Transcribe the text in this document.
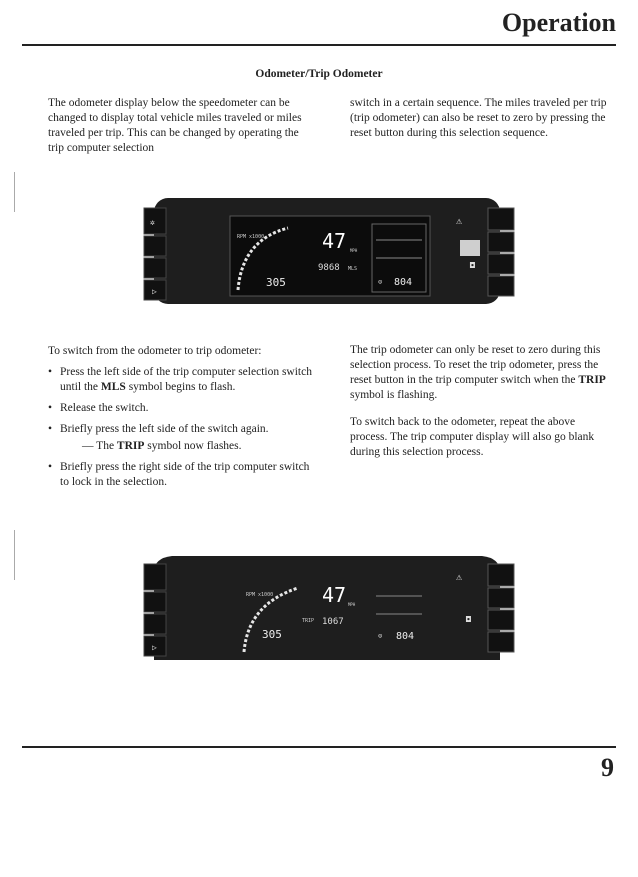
Operation
Odometer/Trip Odometer

The odometer display below the speedometer can be changed to display total vehicle miles traveled or miles traveled per trip. This can be changed by operating the trip computer selection

switch in a certain sequence. The miles traveled per trip (trip odometer) can also be reset to zero by pressing the reset button during this selection sequence.

✲
▷
⚠
◘
RPM x1000
305
47 MPH
9868 MLS
⊙ 804

To switch from the odometer to trip odometer:

• Press the left side of the trip computer selection switch until the MLS symbol begins to flash.
• Release the switch.
• Briefly press the left side of the switch again.
— The TRIP symbol now flashes.
• Briefly press the right side of the trip computer switch to lock in the selection.

The trip odometer can only be reset to zero during this selection process. To reset the trip odometer, press the reset button in the trip computer switch when the TRIP symbol is flashing.

To switch back to the odometer, repeat the above process. The trip computer display will also go blank during this selection process.

▷
⚠
◘
RPM x1000
305
47 MPH
TRIP 1067
⊙ 804
9
